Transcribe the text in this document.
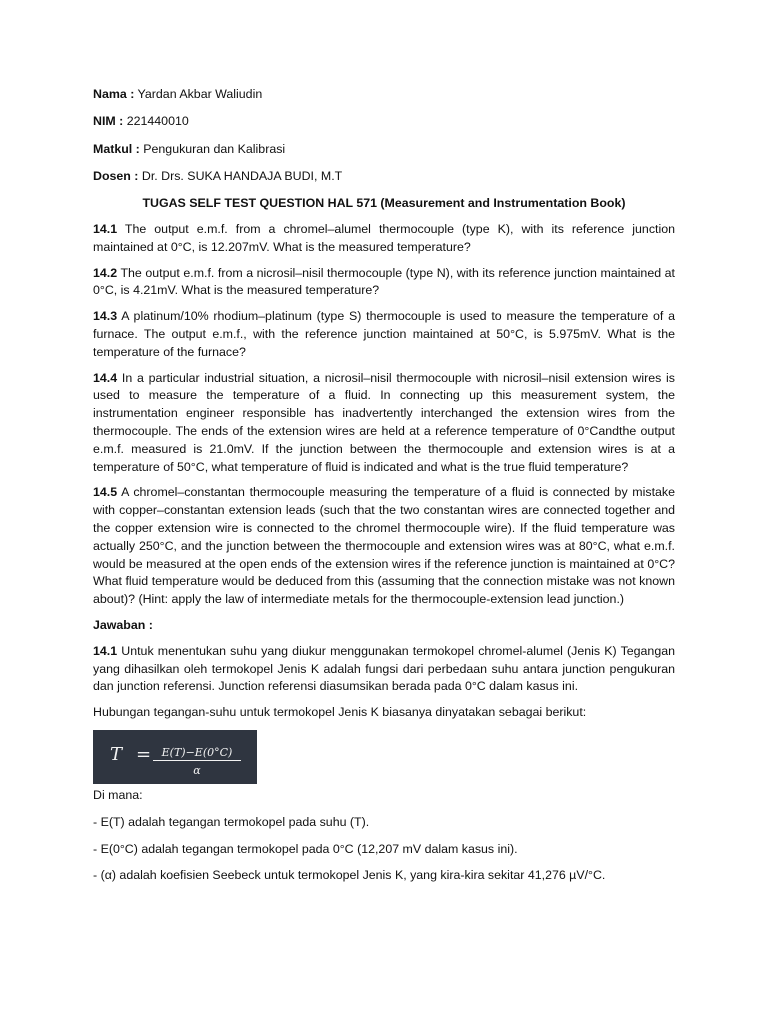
Nama : Yardan Akbar Waliudin

NIM : 221440010

Matkul : Pengukuran dan Kalibrasi

Dosen : Dr. Drs. SUKA HANDAJA BUDI, M.T

TUGAS SELF TEST QUESTION HAL 571 (Measurement and Instrumentation Book)

14.1 The output e.m.f. from a chromel–alumel thermocouple (type K), with its reference junction maintained at 0°C, is 12.207mV. What is the measured temperature?

14.2 The output e.m.f. from a nicrosil–nisil thermocouple (type N), with its reference junction maintained at 0°C, is 4.21mV. What is the measured temperature?

14.3 A platinum/10% rhodium–platinum (type S) thermocouple is used to measure the temperature of a furnace. The output e.m.f., with the reference junction maintained at 50°C, is 5.975mV. What is the temperature of the furnace?

14.4 In a particular industrial situation, a nicrosil–nisil thermocouple with nicrosil–nisil extension wires is used to measure the temperature of a fluid. In connecting up this measurement system, the instrumentation engineer responsible has inadvertently interchanged the extension wires from the thermocouple. The ends of the extension wires are held at a reference temperature of 0°Candthe output e.m.f. measured is 21.0mV. If the junction between the thermocouple and extension wires is at a temperature of 50°C, what temperature of fluid is indicated and what is the true fluid temperature?

14.5 A chromel–constantan thermocouple measuring the temperature of a fluid is connected by mistake with copper–constantan extension leads (such that the two constantan wires are connected together and the copper extension wire is connected to the chromel thermocouple wire). If the fluid temperature was actually 250°C, and the junction between the thermocouple and extension wires was at 80°C, what e.m.f. would be measured at the open ends of the extension wires if the reference junction is maintained at 0°C? What fluid temperature would be deduced from this (assuming that the connection mistake was not known about)? (Hint: apply the law of intermediate metals for the thermocouple-extension lead junction.)

Jawaban :

14.1 Untuk menentukan suhu yang diukur menggunakan termokopel chromel-alumel (Jenis K) Tegangan yang dihasilkan oleh termokopel Jenis K adalah fungsi dari perbedaan suhu antara junction pengukuran dan junction referensi. Junction referensi diasumsikan berada pada 0°C dalam kasus ini.

Hubungan tegangan-suhu untuk termokopel Jenis K biasanya dinyatakan sebagai berikut:

T = E(T)−E(0°C)
α

Di mana:

- E(T) adalah tegangan termokopel pada suhu (T).

- E(0°C) adalah tegangan termokopel pada 0°C (12,207 mV dalam kasus ini).

- (α) adalah koefisien Seebeck untuk termokopel Jenis K, yang kira-kira sekitar 41,276 µV/°C.
